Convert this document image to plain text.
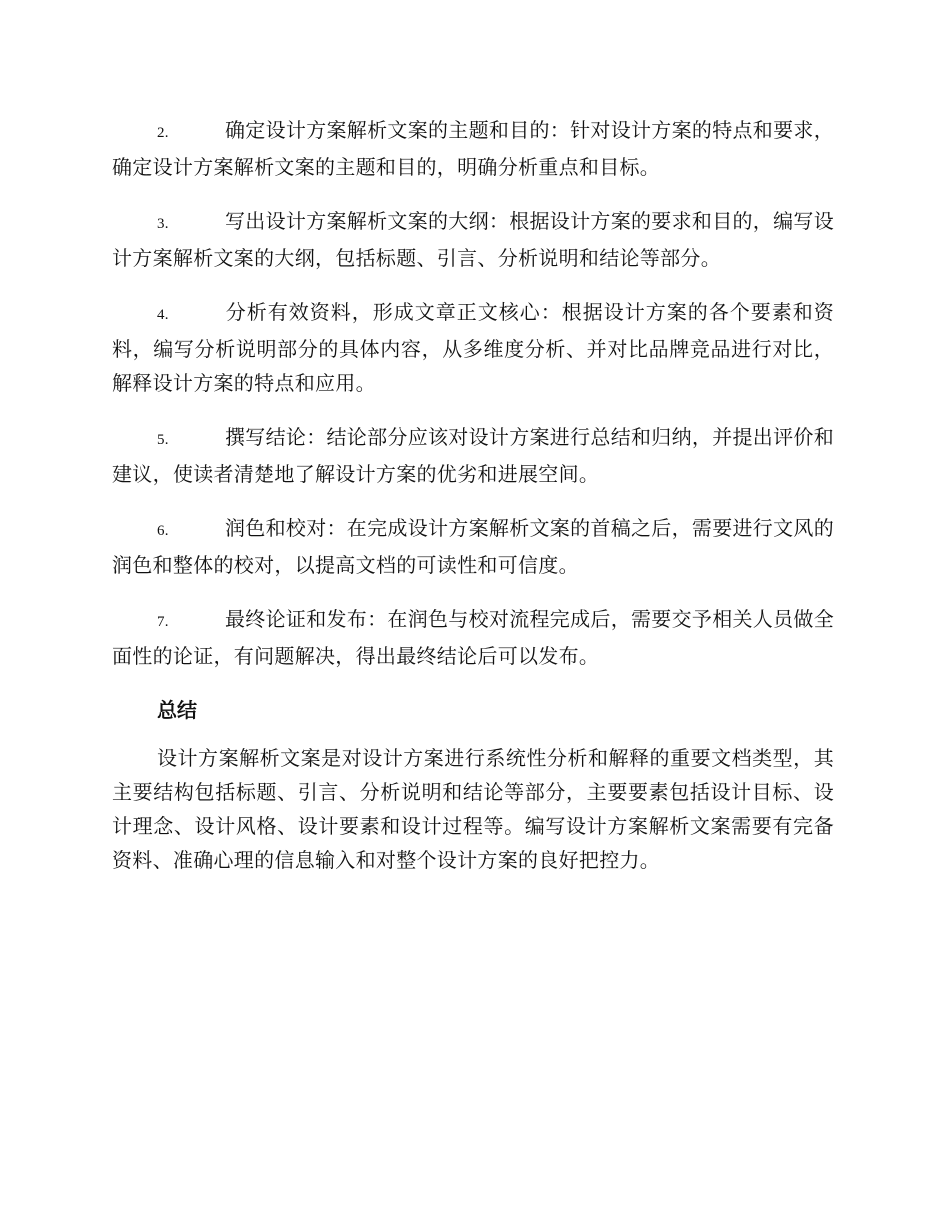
2.	确定设计方案解析文案的主题和目的：针对设计方案的特点和要求，确定设计方案解析文案的主题和目的，明确分析重点和目标。

3.	写出设计方案解析文案的大纲：根据设计方案的要求和目的，编写设计方案解析文案的大纲，包括标题、引言、分析说明和结论等部分。

4.	分析有效资料，形成文章正文核心：根据设计方案的各个要素和资料，编写分析说明部分的具体内容，从多维度分析、并对比品牌竞品进行对比，解释设计方案的特点和应用。

5.	撰写结论：结论部分应该对设计方案进行总结和归纳，并提出评价和建议，使读者清楚地了解设计方案的优劣和进展空间。

6.	润色和校对：在完成设计方案解析文案的首稿之后，需要进行文风的润色和整体的校对，以提高文档的可读性和可信度。

7.	最终论证和发布：在润色与校对流程完成后，需要交予相关人员做全面性的论证，有问题解决，得出最终结论后可以发布。

总结

设计方案解析文案是对设计方案进行系统性分析和解释的重要文档类型，其主要结构包括标题、引言、分析说明和结论等部分，主要要素包括设计目标、设计理念、设计风格、设计要素和设计过程等。编写设计方案解析文案需要有完备资料、准确心理的信息输入和对整个设计方案的良好把控力。
